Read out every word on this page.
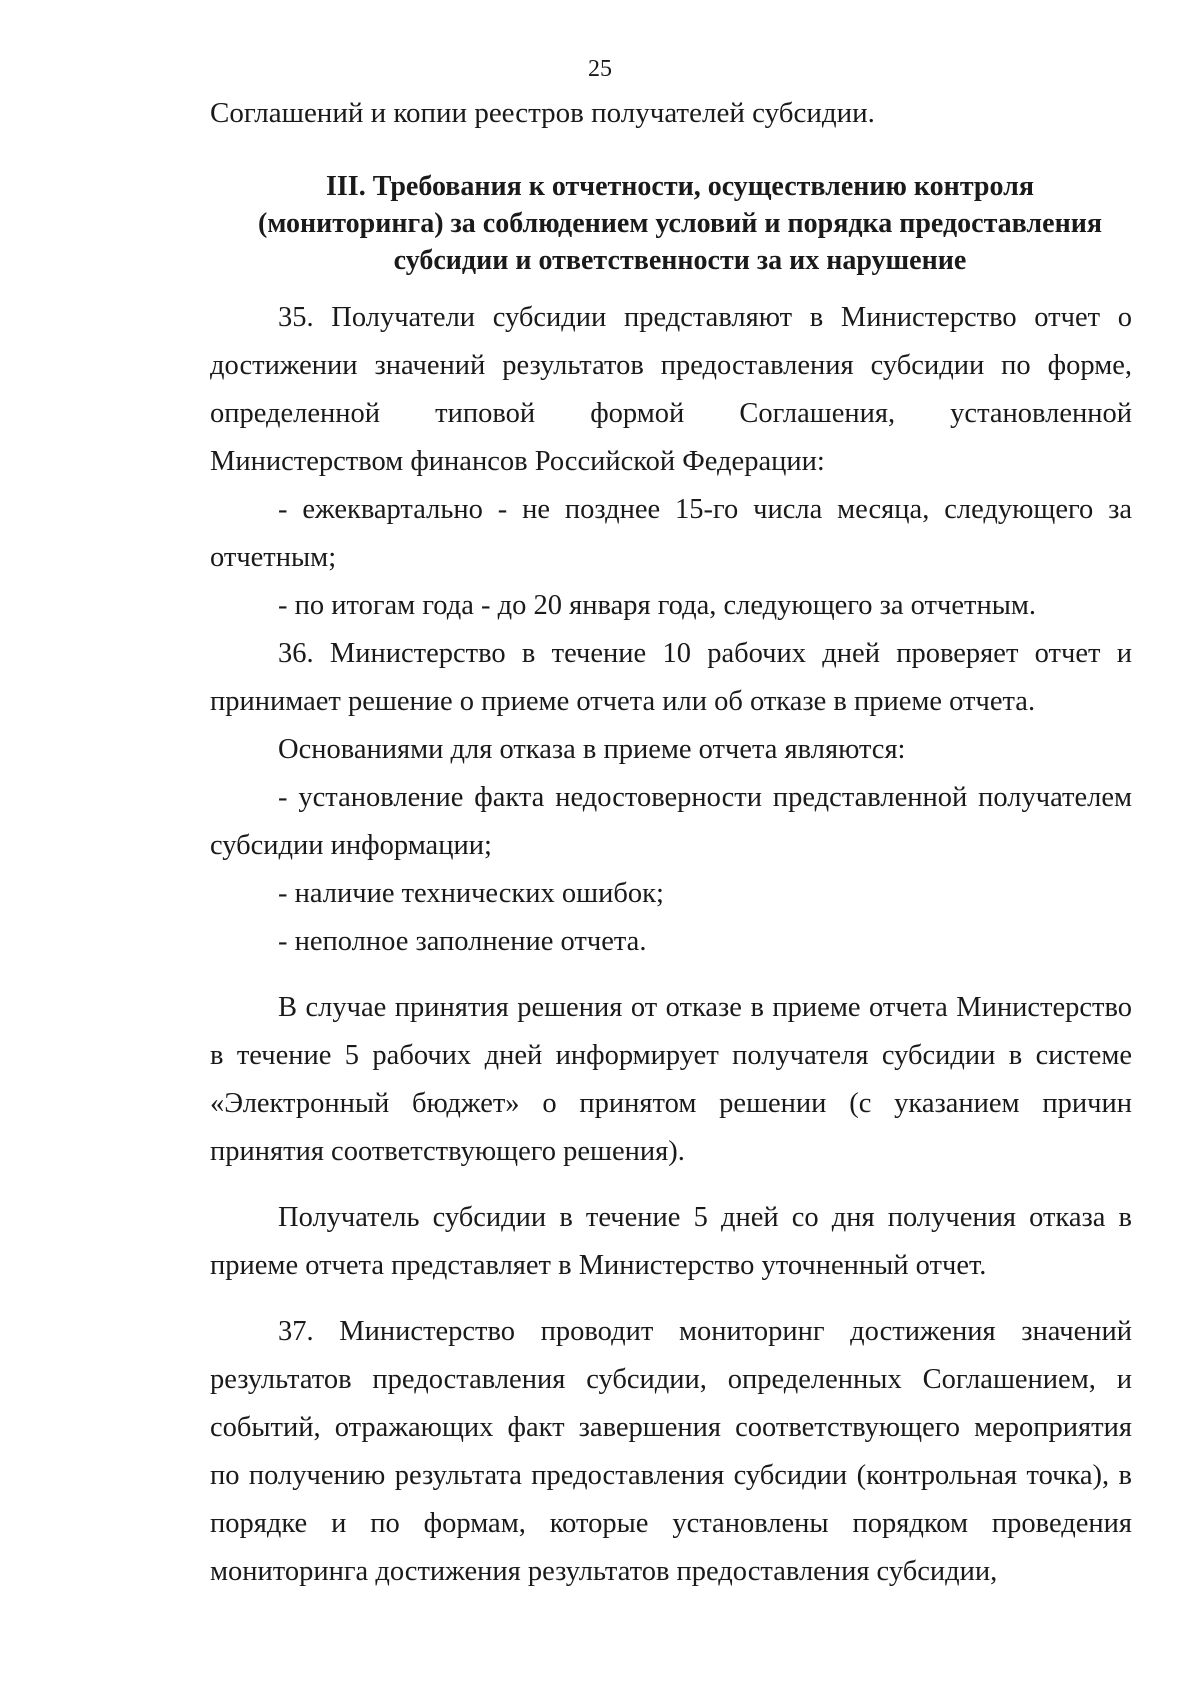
25
Соглашений и копии реестров получателей субсидии.
III. Требования к отчетности, осуществлению контроля
(мониторинга) за соблюдением условий и порядка предоставления
субсидии и ответственности за их нарушение

35. Получатели субсидии представляют в Министерство отчет о достижении значений результатов предоставления субсидии по форме, определенной типовой формой Соглашения, установленной Министерством финансов Российской Федерации:

- ежеквартально - не позднее 15-го числа месяца, следующего за отчетным;

- по итогам года - до 20 января года, следующего за отчетным.

36. Министерство в течение 10 рабочих дней проверяет отчет и принимает решение о приеме отчета или об отказе в приеме отчета.

Основаниями для отказа в приеме отчета являются:

- установление факта недостоверности представленной получателем субсидии информации;

- наличие технических ошибок;

- неполное заполнение отчета.

В случае принятия решения от отказе в приеме отчета Министерство в течение 5 рабочих дней информирует получателя субсидии в системе «Электронный бюджет» о принятом решении (с указанием причин принятия соответствующего решения).

Получатель субсидии в течение 5 дней со дня получения отказа в приеме отчета представляет в Министерство уточненный отчет.

37. Министерство проводит мониторинг достижения значений результатов предоставления субсидии, определенных Соглашением, и событий, отражающих факт завершения соответствующего мероприятия по получению результата предоставления субсидии (контрольная точка), в порядке и по формам, которые установлены порядком проведения мониторинга достижения результатов предоставления субсидии,
